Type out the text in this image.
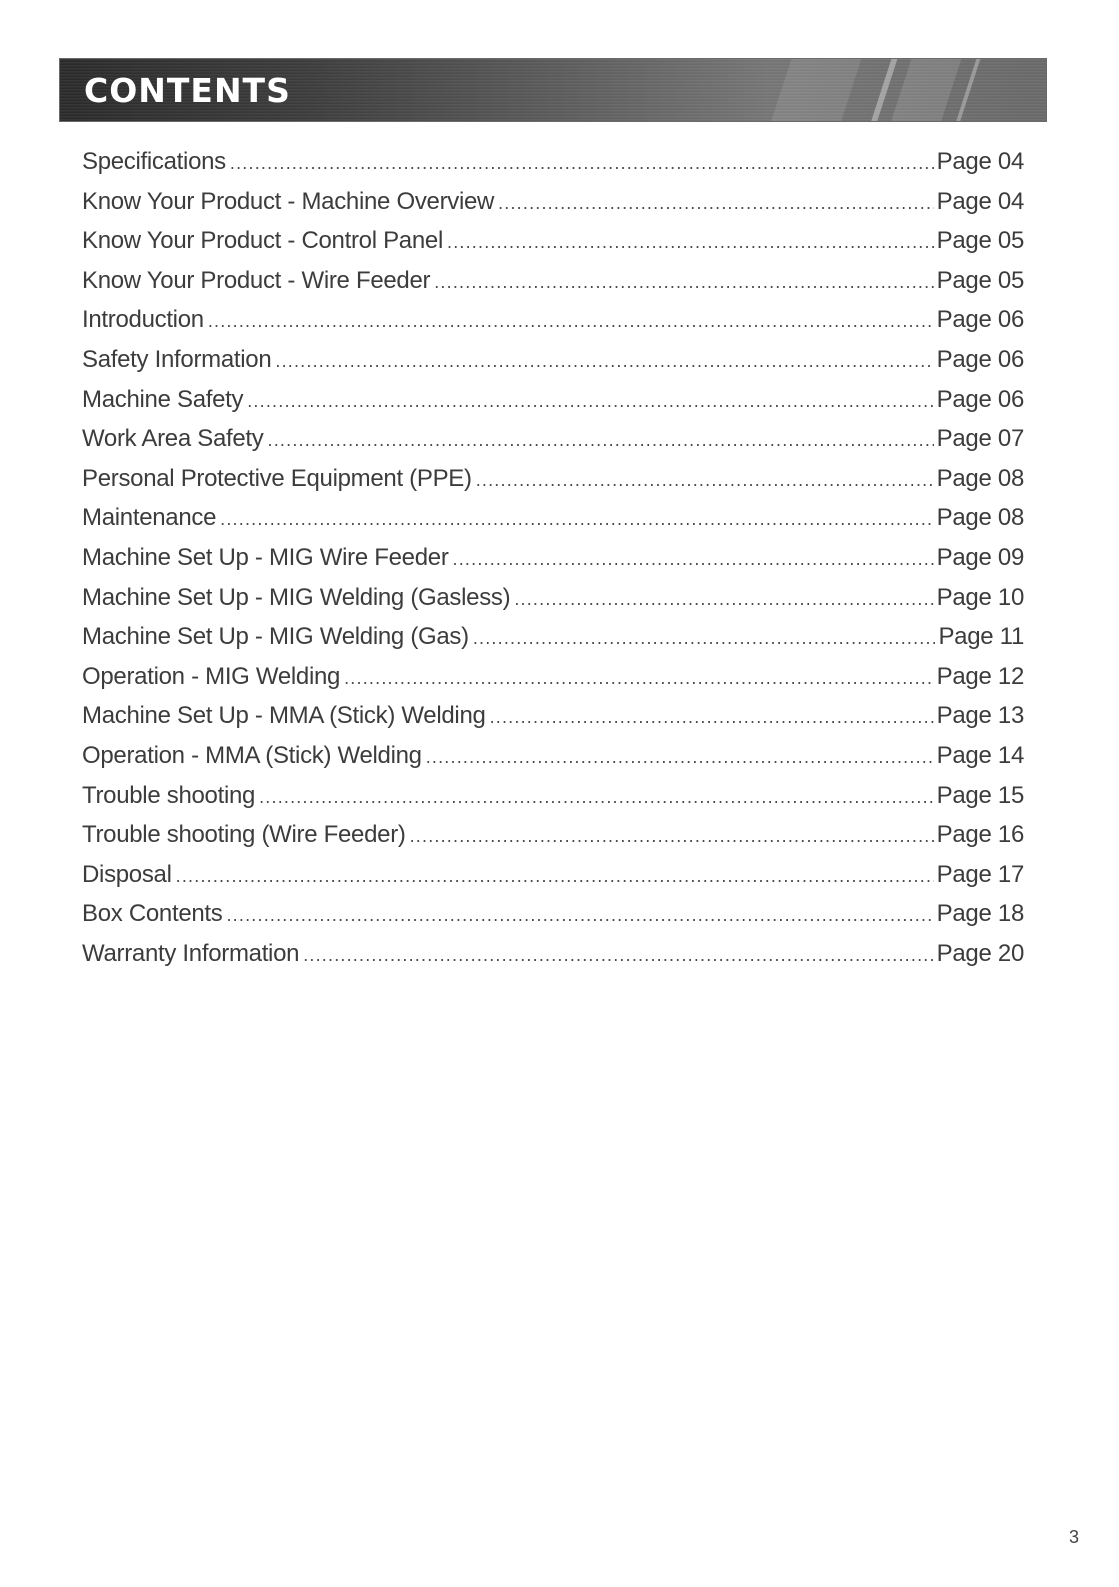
CONTENTS
Specifications .....	Page 04
Know Your Product - Machine Overview .....	Page 04
Know Your Product - Control Panel .....	Page 05
Know Your Product - Wire Feeder .....	Page 05
Introduction .....	Page 06
Safety Information .....	Page 06
Machine Safety .....	Page 06
Work Area Safety .....	Page 07
Personal Protective Equipment (PPE) .....	Page 08
Maintenance .....	Page 08
Machine Set Up - MIG Wire Feeder .....	Page 09
Machine Set Up - MIG Welding (Gasless) .....	Page 10
Machine Set Up - MIG Welding (Gas) .....	Page 11
Operation - MIG Welding .....	Page 12
Machine Set Up - MMA (Stick) Welding .....	Page 13
Operation - MMA (Stick) Welding .....	Page 14
Trouble shooting .....	Page 15
Trouble shooting (Wire Feeder) .....	Page 16
Disposal .....	Page 17
Box Contents .....	Page 18
Warranty Information .....	Page 20
3
